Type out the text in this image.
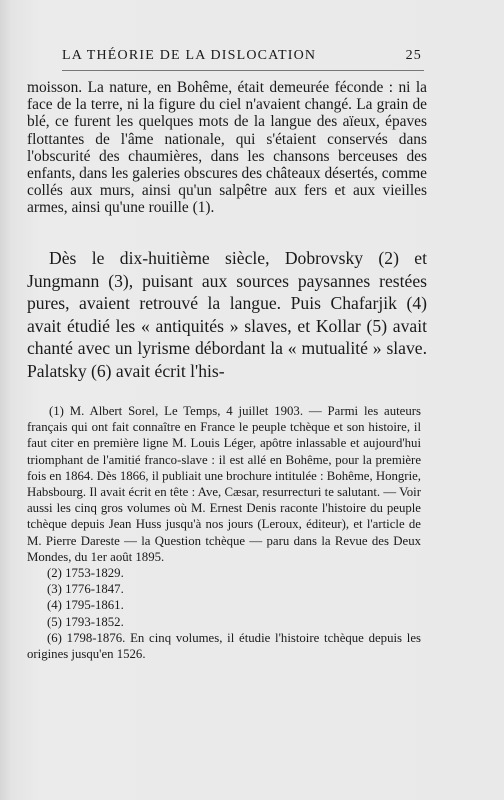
LA THÉORIE DE LA DISLOCATION	25

moisson. La nature, en Bohême, était demeurée féconde : ni la face de la terre, ni la figure du ciel n'avaient changé. La grain de blé, ce furent les quelques mots de la langue des aïeux, épaves flottantes de l'âme nationale, qui s'étaient conservés dans l'obscurité des chaumières, dans les chansons berceuses des enfants, dans les galeries obscures des châteaux désertés, comme collés aux murs, ainsi qu'un salpêtre aux fers et aux vieilles armes, ainsi qu'une rouille (1).

Dès le dix-huitième siècle, Dobrovsky (2) et Jungmann (3), puisant aux sources paysannes restées pures, avaient retrouvé la langue. Puis Chafarjik (4) avait étudié les « antiquités » slaves, et Kollar (5) avait chanté avec un lyrisme débordant la « mutualité » slave. Palatsky (6) avait écrit l'his-

(1) M. Albert Sorel, Le Temps, 4 juillet 1903. — Parmi les auteurs français qui ont fait connaître en France le peuple tchèque et son histoire, il faut citer en première ligne M. Louis Léger, apôtre inlassable et aujourd'hui triomphant de l'amitié franco-slave : il est allé en Bohême, pour la première fois en 1864. Dès 1866, il publiait une brochure intitulée : Bohême, Hongrie, Habsbourg. Il avait écrit en tête : Ave, Cæsar, resurrecturi te salutant. — Voir aussi les cinq gros volumes où M. Ernest Denis raconte l'histoire du peuple tchèque depuis Jean Huss jusqu'à nos jours (Leroux, éditeur), et l'article de M. Pierre Dareste — la Question tchèque — paru dans la Revue des Deux Mondes, du 1er août 1895.

(2) 1753-1829.

(3) 1776-1847.

(4) 1795-1861.

(5) 1793-1852.

(6) 1798-1876. En cinq volumes, il étudie l'histoire tchèque depuis les origines jusqu'en 1526.
